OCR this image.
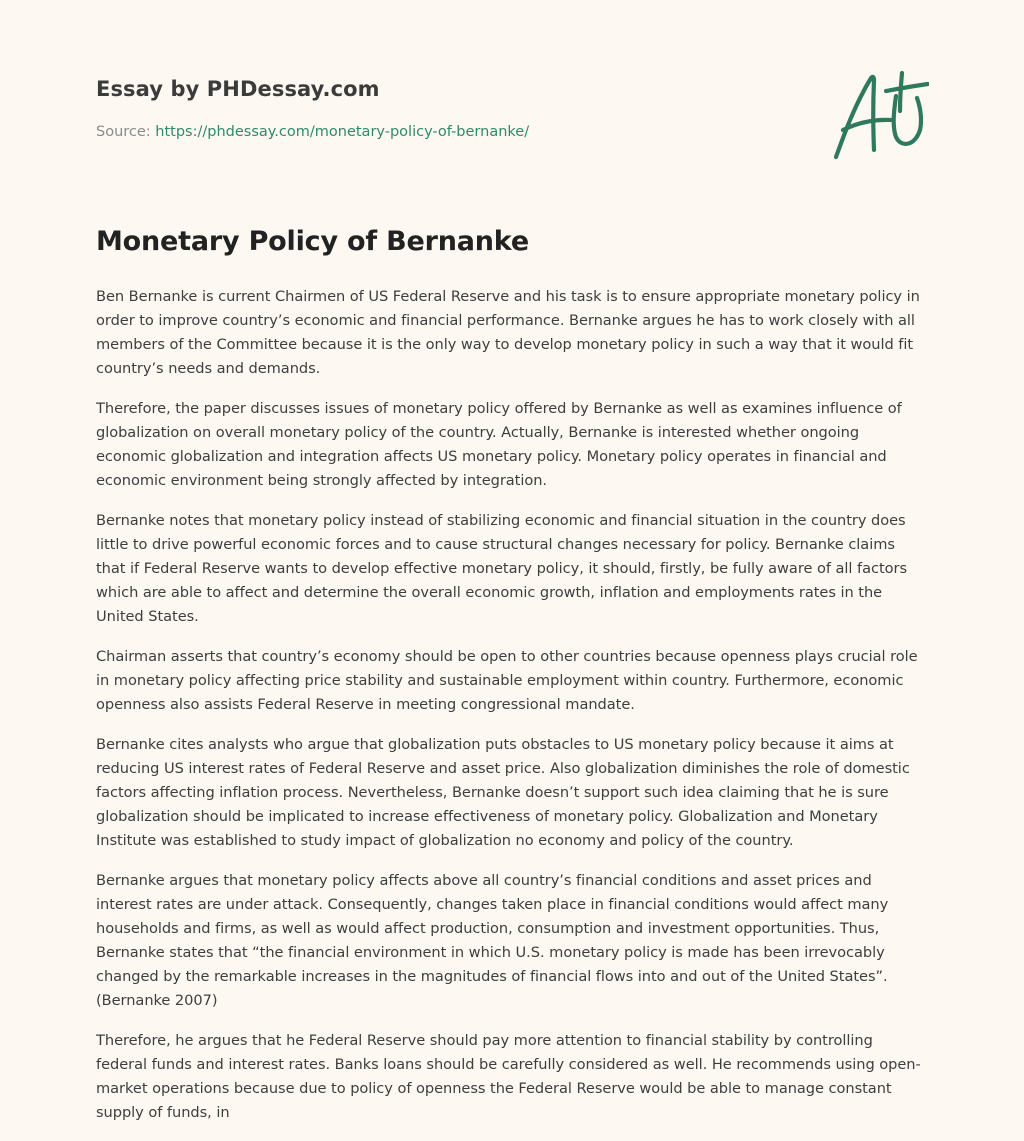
Essay by PHDessay.com
Source: https://phdessay.com/monetary-policy-of-bernanke/
Monetary Policy of Bernanke

Ben Bernanke is current Chairmen of US Federal Reserve and his task is to ensure appropriate monetary policy in order to improve country’s economic and financial performance. Bernanke argues he has to work closely with all members of the Committee because it is the only way to develop monetary policy in such a way that it would fit country’s needs and demands.

Therefore, the paper discusses issues of monetary policy offered by Bernanke as well as examines influence of globalization on overall monetary policy of the country. Actually, Bernanke is interested whether ongoing economic globalization and integration affects US monetary policy. Monetary policy operates in financial and economic environment being strongly affected by integration.

Bernanke notes that monetary policy instead of stabilizing economic and financial situation in the country does little to drive powerful economic forces and to cause structural changes necessary for policy. Bernanke claims that if Federal Reserve wants to develop effective monetary policy, it should, firstly, be fully aware of all factors which are able to affect and determine the overall economic growth, inflation and employments rates in the United States.

Chairman asserts that country’s economy should be open to other countries because openness plays crucial role in monetary policy affecting price stability and sustainable employment within country. Furthermore, economic openness also assists Federal Reserve in meeting congressional mandate.

Bernanke cites analysts who argue that globalization puts obstacles to US monetary policy because it aims at reducing US interest rates of Federal Reserve and asset price. Also globalization diminishes the role of domestic factors affecting inflation process. Nevertheless, Bernanke doesn’t support such idea claiming that he is sure globalization should be implicated to increase effectiveness of monetary policy. Globalization and Monetary Institute was established to study impact of globalization no economy and policy of the country.

Bernanke argues that monetary policy affects above all country’s financial conditions and asset prices and interest rates are under attack. Consequently, changes taken place in financial conditions would affect many households and firms, as well as would affect production, consumption and investment opportunities. Thus, Bernanke states that “the financial environment in which U.S. monetary policy is made has been irrevocably changed by the remarkable increases in the magnitudes of financial flows into and out of the United States”. (Bernanke 2007)

Therefore, he argues that he Federal Reserve should pay more attention to financial stability by controlling federal funds and interest rates. Banks loans should be carefully considered as well. He recommends using open-market operations because due to policy of openness the Federal Reserve would be able to manage constant supply of funds, in
